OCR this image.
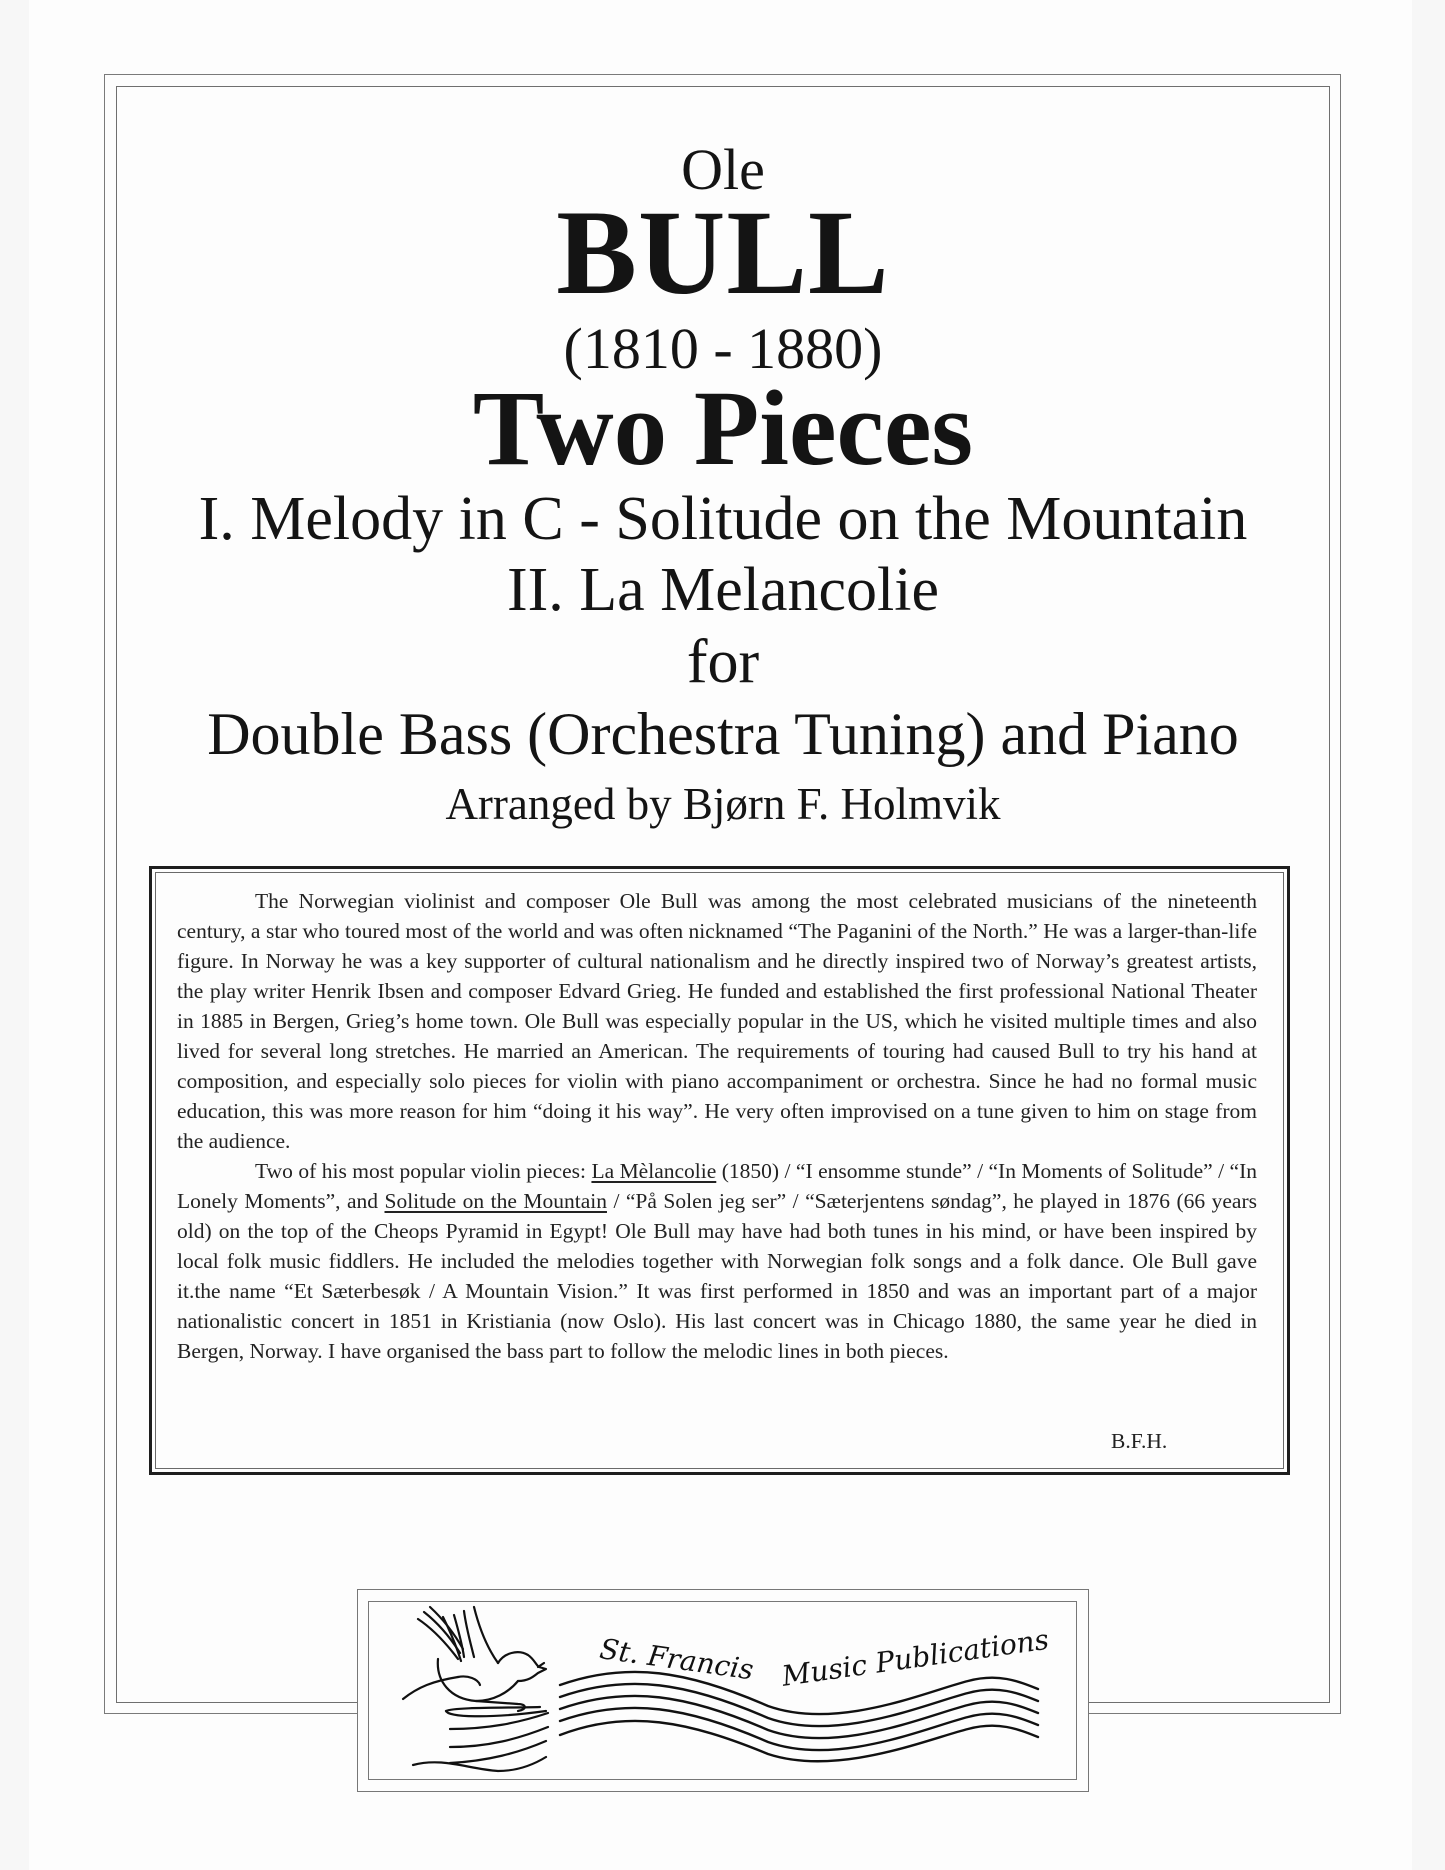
Ole
BULL
(1810 - 1880)
Two Pieces
I. Melody in C - Solitude on the Mountain
II. La Melancolie
for
Double Bass (Orchestra Tuning) and Piano
Arranged by Bjørn F. Holmvik

The Norwegian violinist and composer Ole Bull was among the most celebrated musicians of the nineteenth century, a star who toured most of the world and was often nicknamed “The Paganini of the North.” He was a larger-than-life figure. In Norway he was a key supporter of cultural nationalism and he directly inspired two of Norway’s greatest artists, the play writer Henrik Ibsen and composer Edvard Grieg. He funded and established the first professional National Theater in 1885 in Bergen, Grieg’s home town. Ole Bull was especially popular in the US, which he visited multiple times and also lived for several long stretches. He married an American. The requirements of touring had caused Bull to try his hand at composition, and especially solo pieces for violin with piano accompaniment or orchestra. Since he had no formal music education, this was more reason for him “doing it his way”. He very often improvised on a tune given to him on stage from the audience.

Two of his most popular violin pieces: La Mèlancolie (1850) / “I ensomme stunde” / “In Moments of Solitude” / “In Lonely Moments”, and Solitude on the Mountain / “På Solen jeg ser” / “Sæterjentens søndag”, he played in 1876 (66 years old) on the top of the Cheops Pyramid in Egypt! Ole Bull may have had both tunes in his mind, or have been inspired by local folk music fiddlers. He included the melodies together with Norwegian folk songs and a folk dance. Ole Bull gave it.the name “Et Sæterbesøk / A Mountain Vision.” It was first performed in 1850 and was an important part of a major nationalistic concert in 1851 in Kristiania (now Oslo). His last concert was in Chicago 1880, the same year he died in Bergen, Norway. I have organised the bass part to follow the melodic lines in both pieces.

B.F.H.
St. Francis Music Publications
